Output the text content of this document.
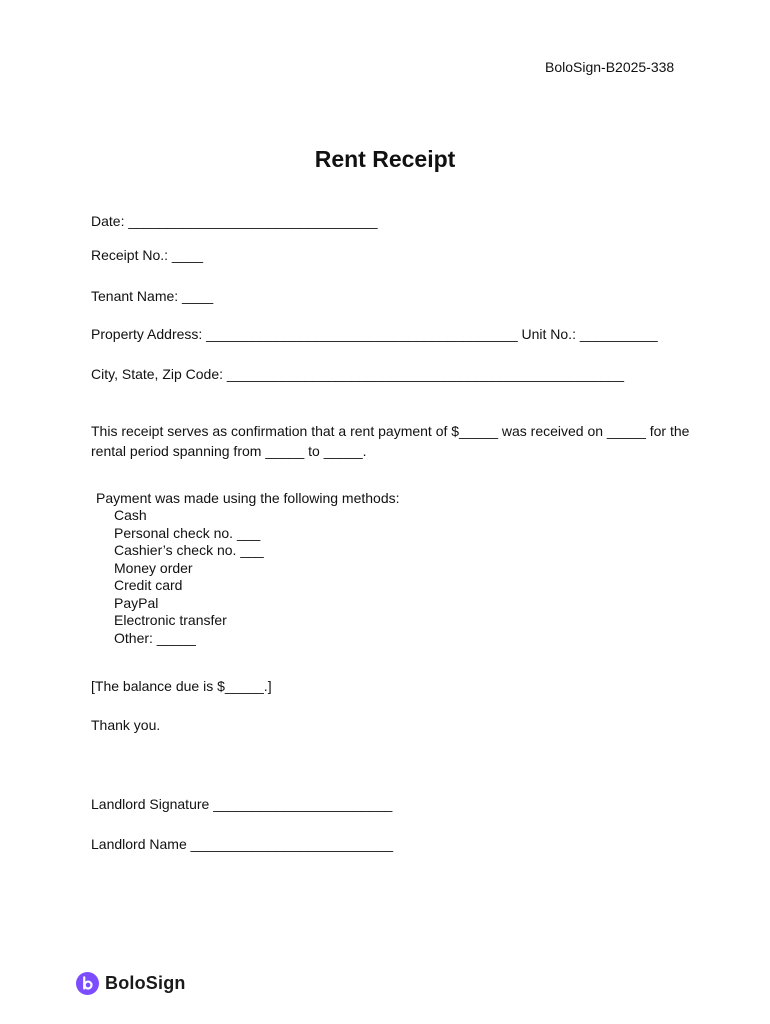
BoloSign-B2025-338
Rent Receipt
Date: ________________________________
Receipt No.: ____
Tenant Name: ____
Property Address: ________________________________________ Unit No.: __________
City, State, Zip Code: ___________________________________________________
This receipt serves as confirmation that a rent payment of $_____ was received on _____ for the rental period spanning from _____ to _____.
Payment was made using the following methods:
Cash
Personal check no. ___
Cashier’s check no. ___
Money order
Credit card
PayPal
Electronic transfer
Other: _____
[The balance due is $_____.]
Thank you.
Landlord Signature _______________________
Landlord Name __________________________
BoloSign
